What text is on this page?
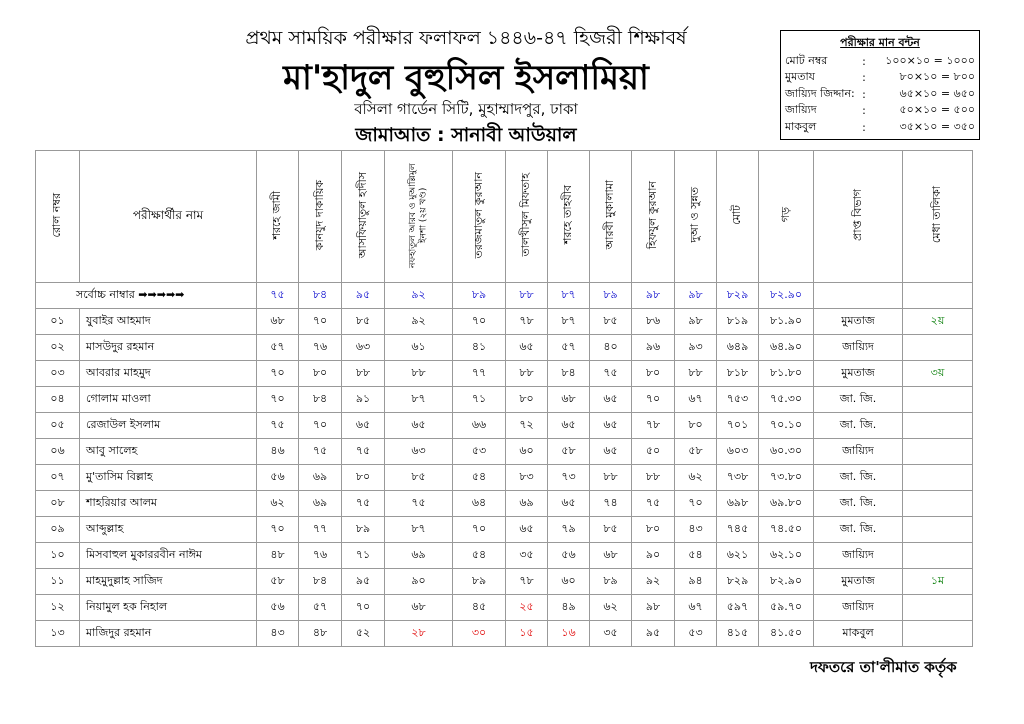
প্রথম সাময়িক পরীক্ষার ফলাফল ১৪৪৬-৪৭ হিজরী শিক্ষাবর্ষ
মা'হাদুল বুহুসিল ইসলামিয়া
বসিলা গার্ডেন সিটি, মুহাম্মাদপুর, ঢাকা
জামাআত : সানাবী আউয়াল
পরীক্ষার মান বন্টন
মোট নম্বর	:	১০০×১০ = ১০০০
মুমতায	:	৮০×১০ = ৮০০
জায়্যিদ জিদ্দান: :	৬৫×১০ = ৬৫০
জায়্যিদ	:	৫০×১০ = ৫০০
মাকবুল	:	৩৫×১০ = ৩৫০
রোল নম্বর	পরীক্ষার্থীর নাম	শরহে জামী	কানযুদ দাকায়িক	আসফিয়াতুল হাদীস	নফহাতুল আরব ও মুআল্লিমুল ইনশা (২য় খণ্ড)	তরজমাতুল কুরআন	তালখীসুল মিফতাহ	শরহে তাহযীব	আরবী মুকালামা	হিফযুল কুরআন	দুআ ও সুন্নত	মোট	গড়	প্রাপ্ত বিভাগ	মেধা তালিকা
সর্বোচ্চ নাম্বার ➡➡➡➡➡		৭৫	৮৪	৯৫	৯২	৮৯	৮৮	৮৭	৮৯	৯৮	৯৮	৮২৯	৮২.৯০		
০১	যুবাইর আহমাদ	৬৮	৭০	৮৫	৯২	৭০	৭৮	৮৭	৮৫	৮৬	৯৮	৮১৯	৮১.৯০	মুমতাজ	২য়
০২	মাসউদুর রহমান	৫৭	৭৬	৬৩	৬১	৪১	৬৫	৫৭	৪০	৯৬	৯৩	৬৪৯	৬৪.৯০	জায়্যিদ	
০৩	আবরার মাহমুদ	৭০	৮০	৮৮	৮৮	৭৭	৮৮	৮৪	৭৫	৮০	৮৮	৮১৮	৮১.৮০	মুমতাজ	৩য়
০৪	গোলাম মাওলা	৭০	৮৪	৯১	৮৭	৭১	৮০	৬৮	৬৫	৭০	৬৭	৭৫৩	৭৫.৩০	জা. জি.	
০৫	রেজাউল ইসলাম	৭৫	৭০	৬৫	৬৫	৬৬	৭২	৬৫	৬৫	৭৮	৮০	৭০১	৭০.১০	জা. জি.	
০৬	আবু সালেহ	৪৬	৭৫	৭৫	৬৩	৫৩	৬০	৫৮	৬৫	৫০	৫৮	৬০৩	৬০.৩০	জায়্যিদ	
০৭	মু'তাসিম বিল্লাহ	৫৬	৬৯	৮০	৮৫	৫৪	৮৩	৭৩	৮৮	৮৮	৬২	৭৩৮	৭৩.৮০	জা. জি.	
০৮	শাহরিয়ার আলম	৬২	৬৯	৭৫	৭৫	৬৪	৬৯	৬৫	৭৪	৭৫	৭০	৬৯৮	৬৯.৮০	জা. জি.	
০৯	আব্দুল্লাহ	৭০	৭৭	৮৯	৮৭	৭০	৬৫	৭৯	৮৫	৮০	৪৩	৭৪৫	৭৪.৫০	জা. জি.	
১০	মিসবাহুল মুকাররবীন নাঈম	৪৮	৭৬	৭১	৬৯	৫৪	৩৫	৫৬	৬৮	৯০	৫৪	৬২১	৬২.১০	জায়্যিদ	
১১	মাহমুদুল্লাহ সাজিদ	৫৮	৮৪	৯৫	৯০	৮৯	৭৮	৬০	৮৯	৯২	৯৪	৮২৯	৮২.৯০	মুমতাজ	১ম
১২	নিয়ামুল হক নিহাল	৫৬	৫৭	৭০	৬৮	৪৫	২৫	৪৯	৬২	৯৮	৬৭	৫৯৭	৫৯.৭০	জায়্যিদ	
১৩	মাজিদুর রহমান	৪৩	৪৮	৫২	২৮	৩০	১৫	১৬	৩৫	৯৫	৫৩	৪১৫	৪১.৫০	মাকবুল	
দফতরে তা'লীমাত কর্তৃক
